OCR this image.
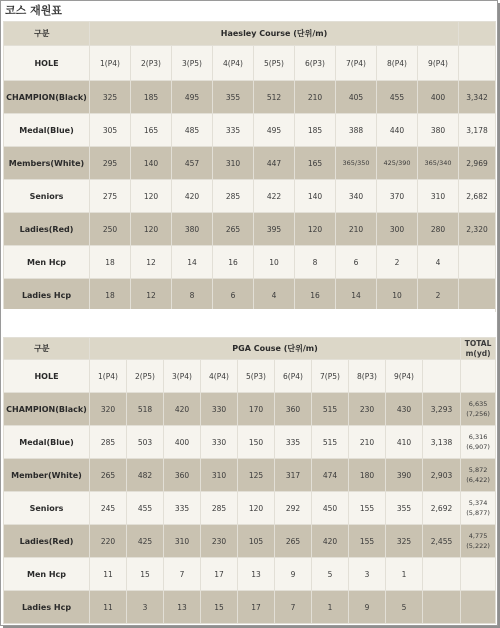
코스 재원표
구분	Haesley Course (단위/m)									
HOLE	1(P4)	2(P3)	3(P5)	4(P4)	5(P5)	6(P3)	7(P4)	8(P4)	9(P4)	
CHAMPION(Black)	325	185	495	355	512	210	405	455	400	3,342
Medal(Blue)	305	165	485	335	495	185	388	440	380	3,178
Members(White)	295	140	457	310	447	165	365/350	425/390	365/340	2,969
Seniors	275	120	420	285	422	140	340	370	310	2,682
Ladies(Red)	250	120	380	265	395	120	210	300	280	2,320
Men Hcp	18	12	14	16	10	8	6	2	4	
Ladies Hcp	18	12	8	6	4	16	14	10	2	
구분	PGA Couse (단위/m)										TOTAL
m(yd)

HOLE	1(P4)	2(P5)	3(P4)	4(P4)	5(P3)	6(P4)	7(P5)	8(P3)	9(P4)		
CHAMPION(Black)	320	518	420	330	170	360	515	230	430	3,293	6,635
(7,256)

Medal(Blue)	285	503	400	330	150	335	515	210	410	3,138	6,316
(6,907)

Member(White)	265	482	360	310	125	317	474	180	390	2,903	5,872
(6,422)

Seniors	245	455	335	285	120	292	450	155	355	2,692	5,374
(5,877)

Ladies(Red)	220	425	310	230	105	265	420	155	325	2,455	4,775
(5,222)

Men Hcp	11	15	7	17	13	9	5	3	1		

Ladies Hcp	11	3	13	15	17	7	1	9	5		
